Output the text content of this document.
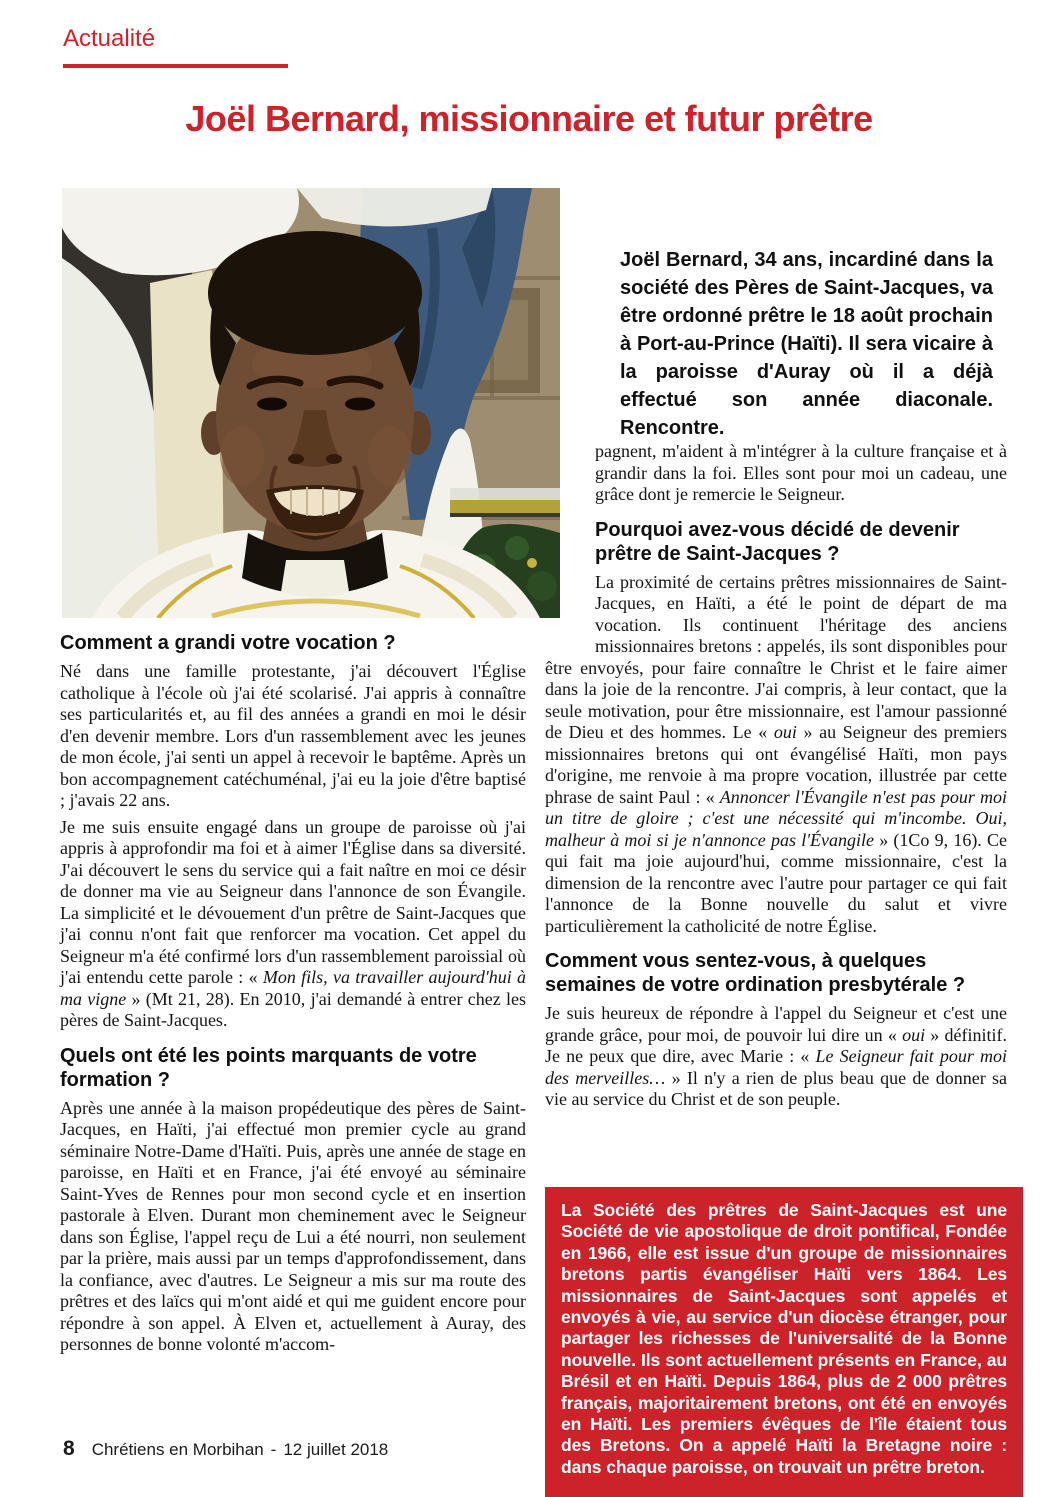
Actualité
Joël Bernard, missionnaire et futur prêtre

Joël Bernard, 34 ans, incardiné dans la société des Pères de Saint-Jacques, va être ordonné prêtre le 18 août prochain à Port-au-Prince (Haïti). Il sera vicaire à la paroisse d'Auray où il a déjà effectué son année diaconale. Rencontre.

Comment a grandi votre vocation ?

Né dans une famille protestante, j'ai découvert l'Église catholique à l'école où j'ai été scolarisé. J'ai appris à connaître ses particularités et, au fil des années a grandi en moi le désir d'en devenir membre. Lors d'un rassemblement avec les jeunes de mon école, j'ai senti un appel à recevoir le baptême. Après un bon accompagnement catéchuménal, j'ai eu la joie d'être baptisé ; j'avais 22 ans.

Je me suis ensuite engagé dans un groupe de paroisse où j'ai appris à approfondir ma foi et à aimer l'Église dans sa diversité. J'ai découvert le sens du service qui a fait naître en moi ce désir de donner ma vie au Seigneur dans l'annonce de son Évangile. La simplicité et le dévouement d'un prêtre de Saint-Jacques que j'ai connu n'ont fait que renforcer ma vocation. Cet appel du Seigneur m'a été confirmé lors d'un rassemblement paroissial où j'ai entendu cette parole : « Mon fils, va travailler aujourd'hui à ma vigne » (Mt 21, 28). En 2010, j'ai demandé à entrer chez les pères de Saint-Jacques.

Quels ont été les points marquants de votre formation ?

Après une année à la maison propédeutique des pères de Saint-Jacques, en Haïti, j'ai effectué mon premier cycle au grand séminaire Notre-Dame d'Haïti. Puis, après une année de stage en paroisse, en Haïti et en France, j'ai été envoyé au séminaire Saint-Yves de Rennes pour mon second cycle et en insertion pastorale à Elven. Durant mon cheminement avec le Seigneur dans son Église, l'appel reçu de Lui a été nourri, non seulement par la prière, mais aussi par un temps d'approfondissement, dans la confiance, avec d'autres. Le Seigneur a mis sur ma route des prêtres et des laïcs qui m'ont aidé et qui me guident encore pour répondre à son appel. À Elven et, actuellement à Auray, des personnes de bonne volonté m'accom-

pagnent, m'aident à m'intégrer à la culture française et à grandir dans la foi. Elles sont pour moi un cadeau, une grâce dont je remercie le Seigneur.

Pourquoi avez-vous décidé de devenir prêtre de Saint-Jacques ?

La proximité de certains prêtres missionnaires de Saint-Jacques, en Haïti, a été le point de départ de ma vocation. Ils continuent l'héritage des anciens missionnaires bretons : appelés, ils sont disponibles pour être envoyés, pour faire connaître le Christ et le faire aimer dans la joie de la rencontre. J'ai compris, à leur contact, que la seule motivation, pour être missionnaire, est l'amour passionné de Dieu et des hommes. Le « oui » au Seigneur des premiers missionnaires bretons qui ont évangélisé Haïti, mon pays d'origine, me renvoie à ma propre vocation, illustrée par cette phrase de saint Paul : « Annoncer l'Évangile n'est pas pour moi un titre de gloire ; c'est une nécessité qui m'incombe. Oui, malheur à moi si je n'annonce pas l'Évangile » (1Co 9, 16). Ce qui fait ma joie aujourd'hui, comme missionnaire, c'est la dimension de la rencontre avec l'autre pour partager ce qui fait l'annonce de la Bonne nouvelle du salut et vivre particulièrement la catholicité de notre Église.

Comment vous sentez-vous, à quelques semaines de votre ordination presbytérale ?

Je suis heureux de répondre à l'appel du Seigneur et c'est une grande grâce, pour moi, de pouvoir lui dire un « oui » définitif. Je ne peux que dire, avec Marie : « Le Seigneur fait pour moi des merveilles… » Il n'y a rien de plus beau que de donner sa vie au service du Christ et de son peuple.

La Société des prêtres de Saint-Jacques est une Société de vie apostolique de droit pontifical, Fondée en 1966, elle est issue d'un groupe de missionnaires bretons partis évangéliser Haïti vers 1864. Les missionnaires de Saint-Jacques sont appelés et envoyés à vie, au service d'un diocèse étranger, pour partager les richesses de l'universalité de la Bonne nouvelle. Ils sont actuellement présents en France, au Brésil et en Haïti. Depuis 1864, plus de 2 000 prêtres français, majoritairement bretons, ont été en envoyés en Haïti. Les premiers évêques de l'île étaient tous des Bretons. On a appelé Haïti la Bretagne noire : dans chaque paroisse, on trouvait un prêtre breton.

8 Chrétiens en Morbihan - 12 juillet 2018
